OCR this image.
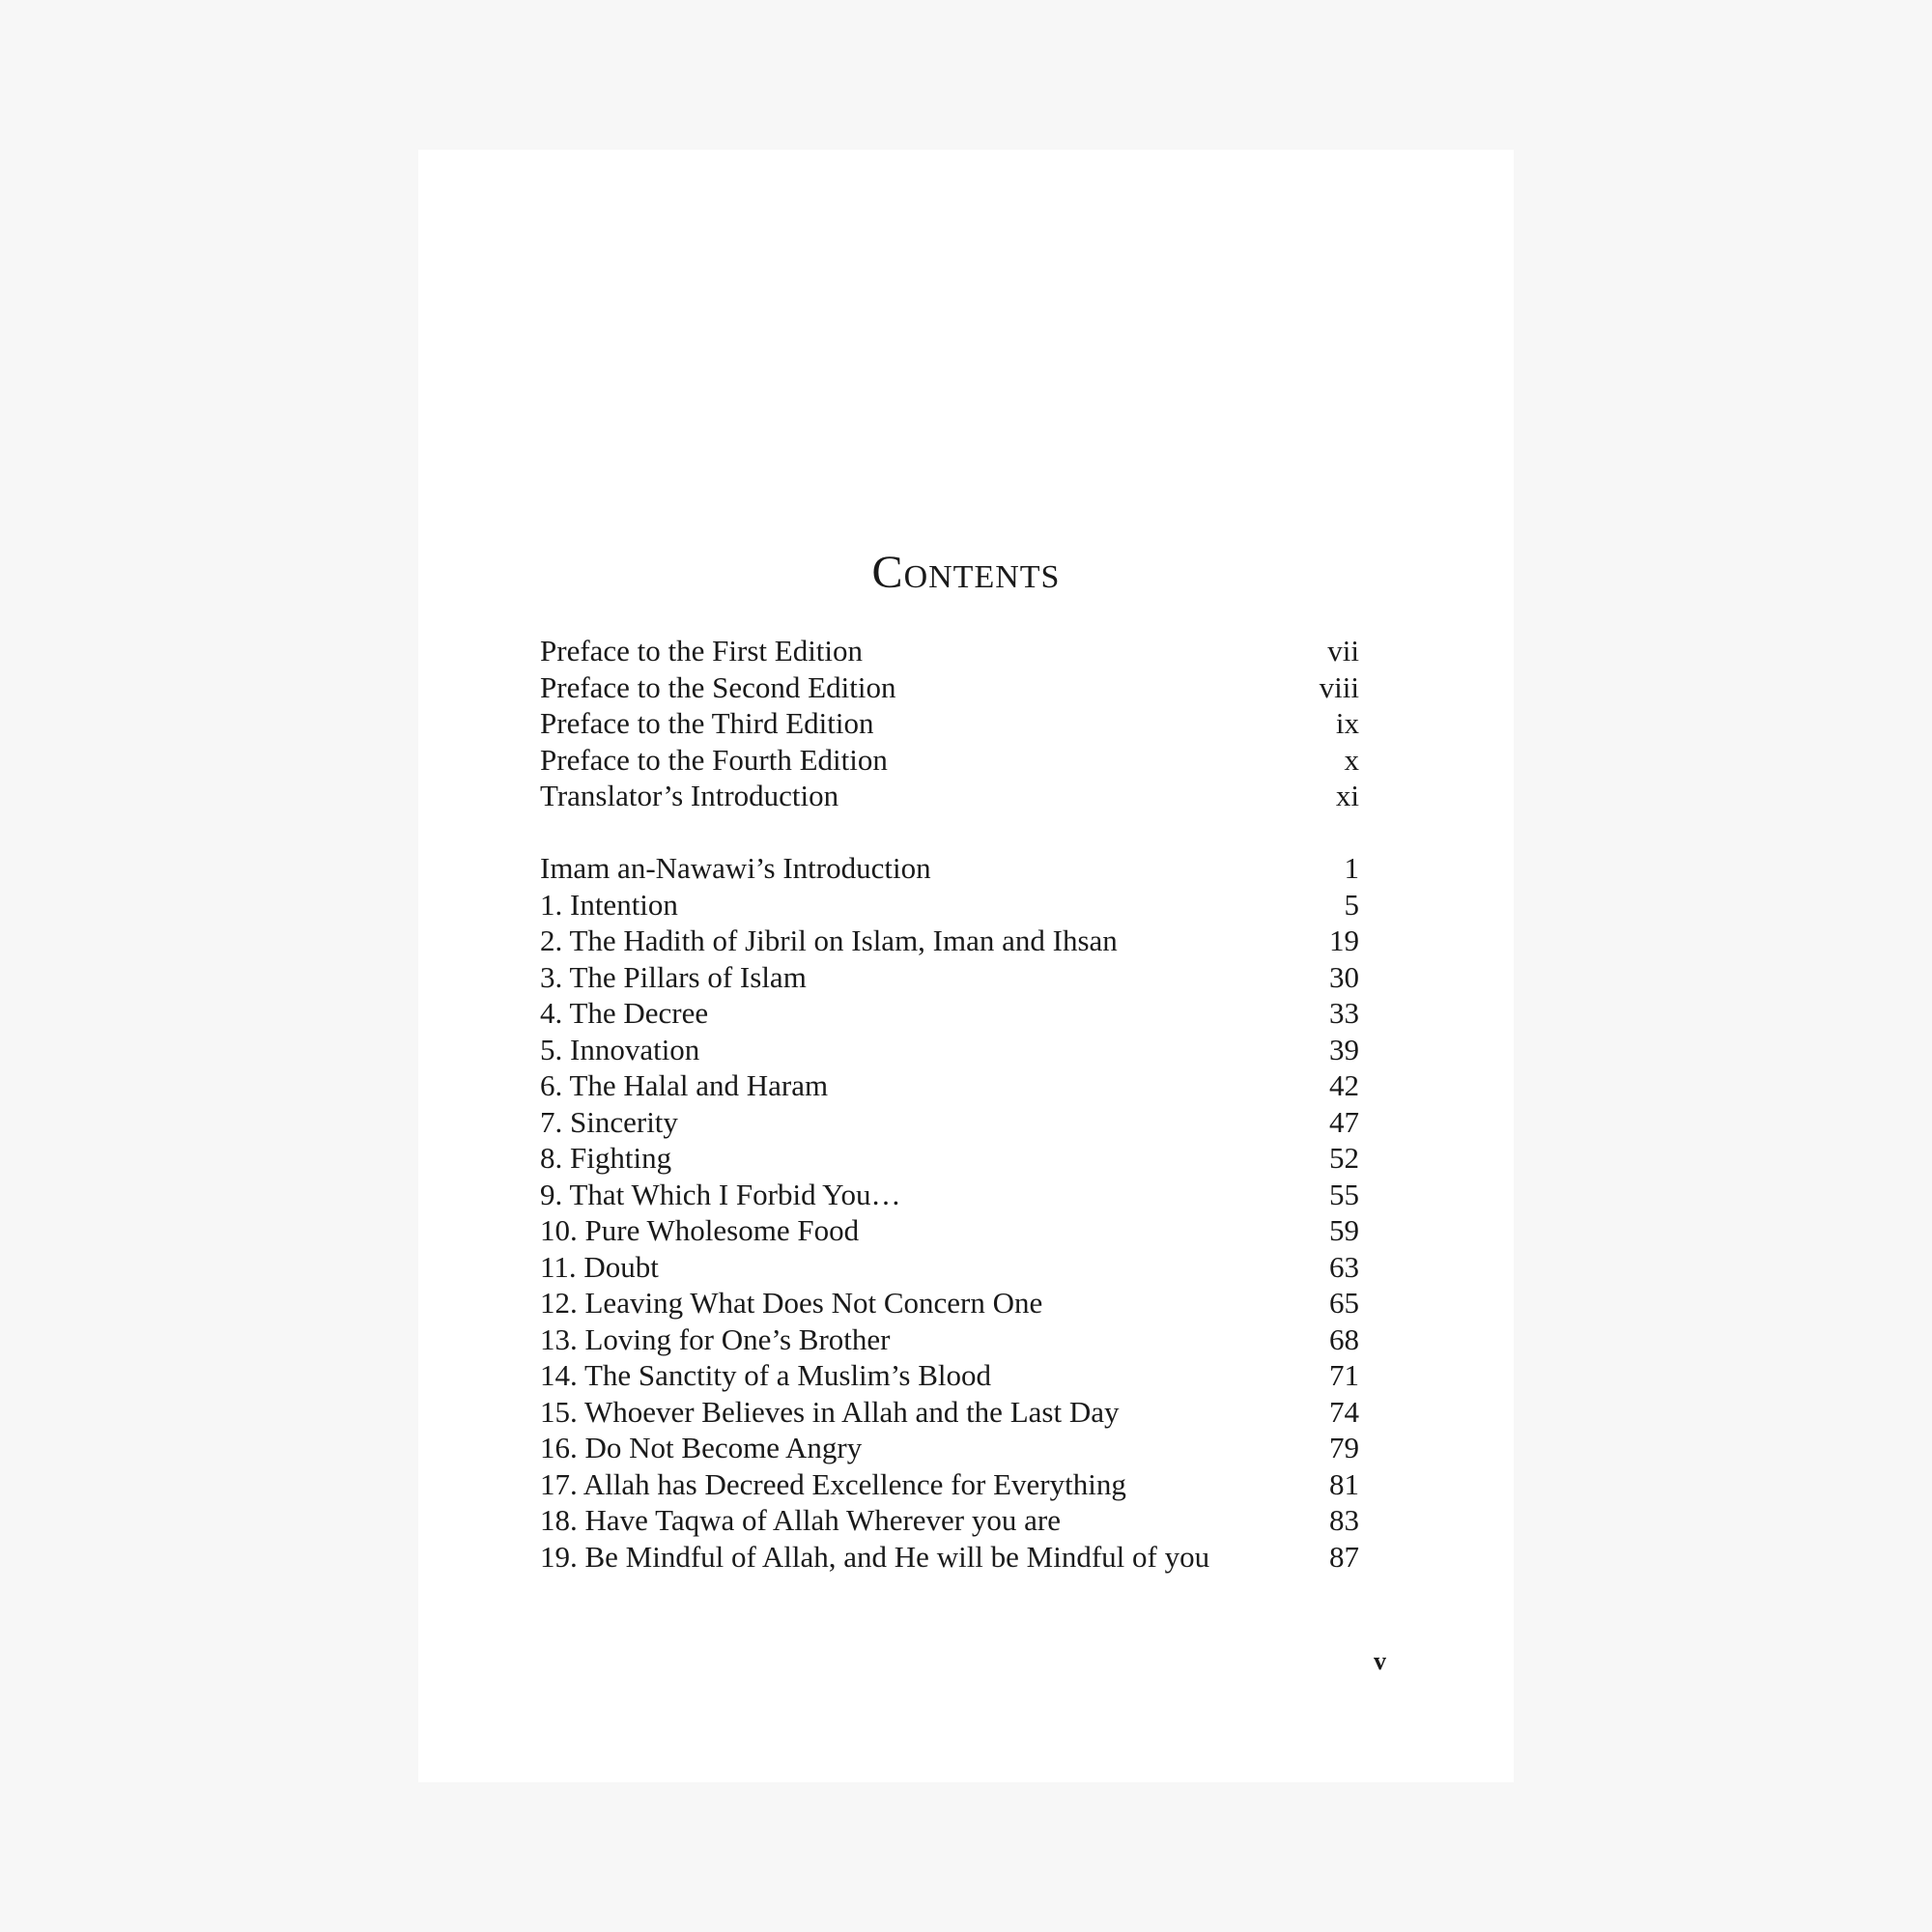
Contents
Preface to the First Edition	vii
Preface to the Second Edition	viii
Preface to the Third Edition	ix
Preface to the Fourth Edition	x
Translator’s Introduction	xi
Imam an-Nawawi’s Introduction	1
1. Intention	5
2. The Hadith of Jibril on Islam, Iman and Ihsan	19
3. The Pillars of Islam	30
4. The Decree	33
5. Innovation	39
6. The Halal and Haram	42
7. Sincerity	47
8. Fighting	52
9. That Which I Forbid You…	55
10. Pure Wholesome Food	59
11. Doubt	63
12. Leaving What Does Not Concern One	65
13. Loving for One’s Brother	68
14. The Sanctity of a Muslim’s Blood	71
15. Whoever Believes in Allah and the Last Day	74
16. Do Not Become Angry	79
17. Allah has Decreed Excellence for Everything	81
18. Have Taqwa of Allah Wherever you are	83
19. Be Mindful of Allah, and He will be Mindful of you	87
v
